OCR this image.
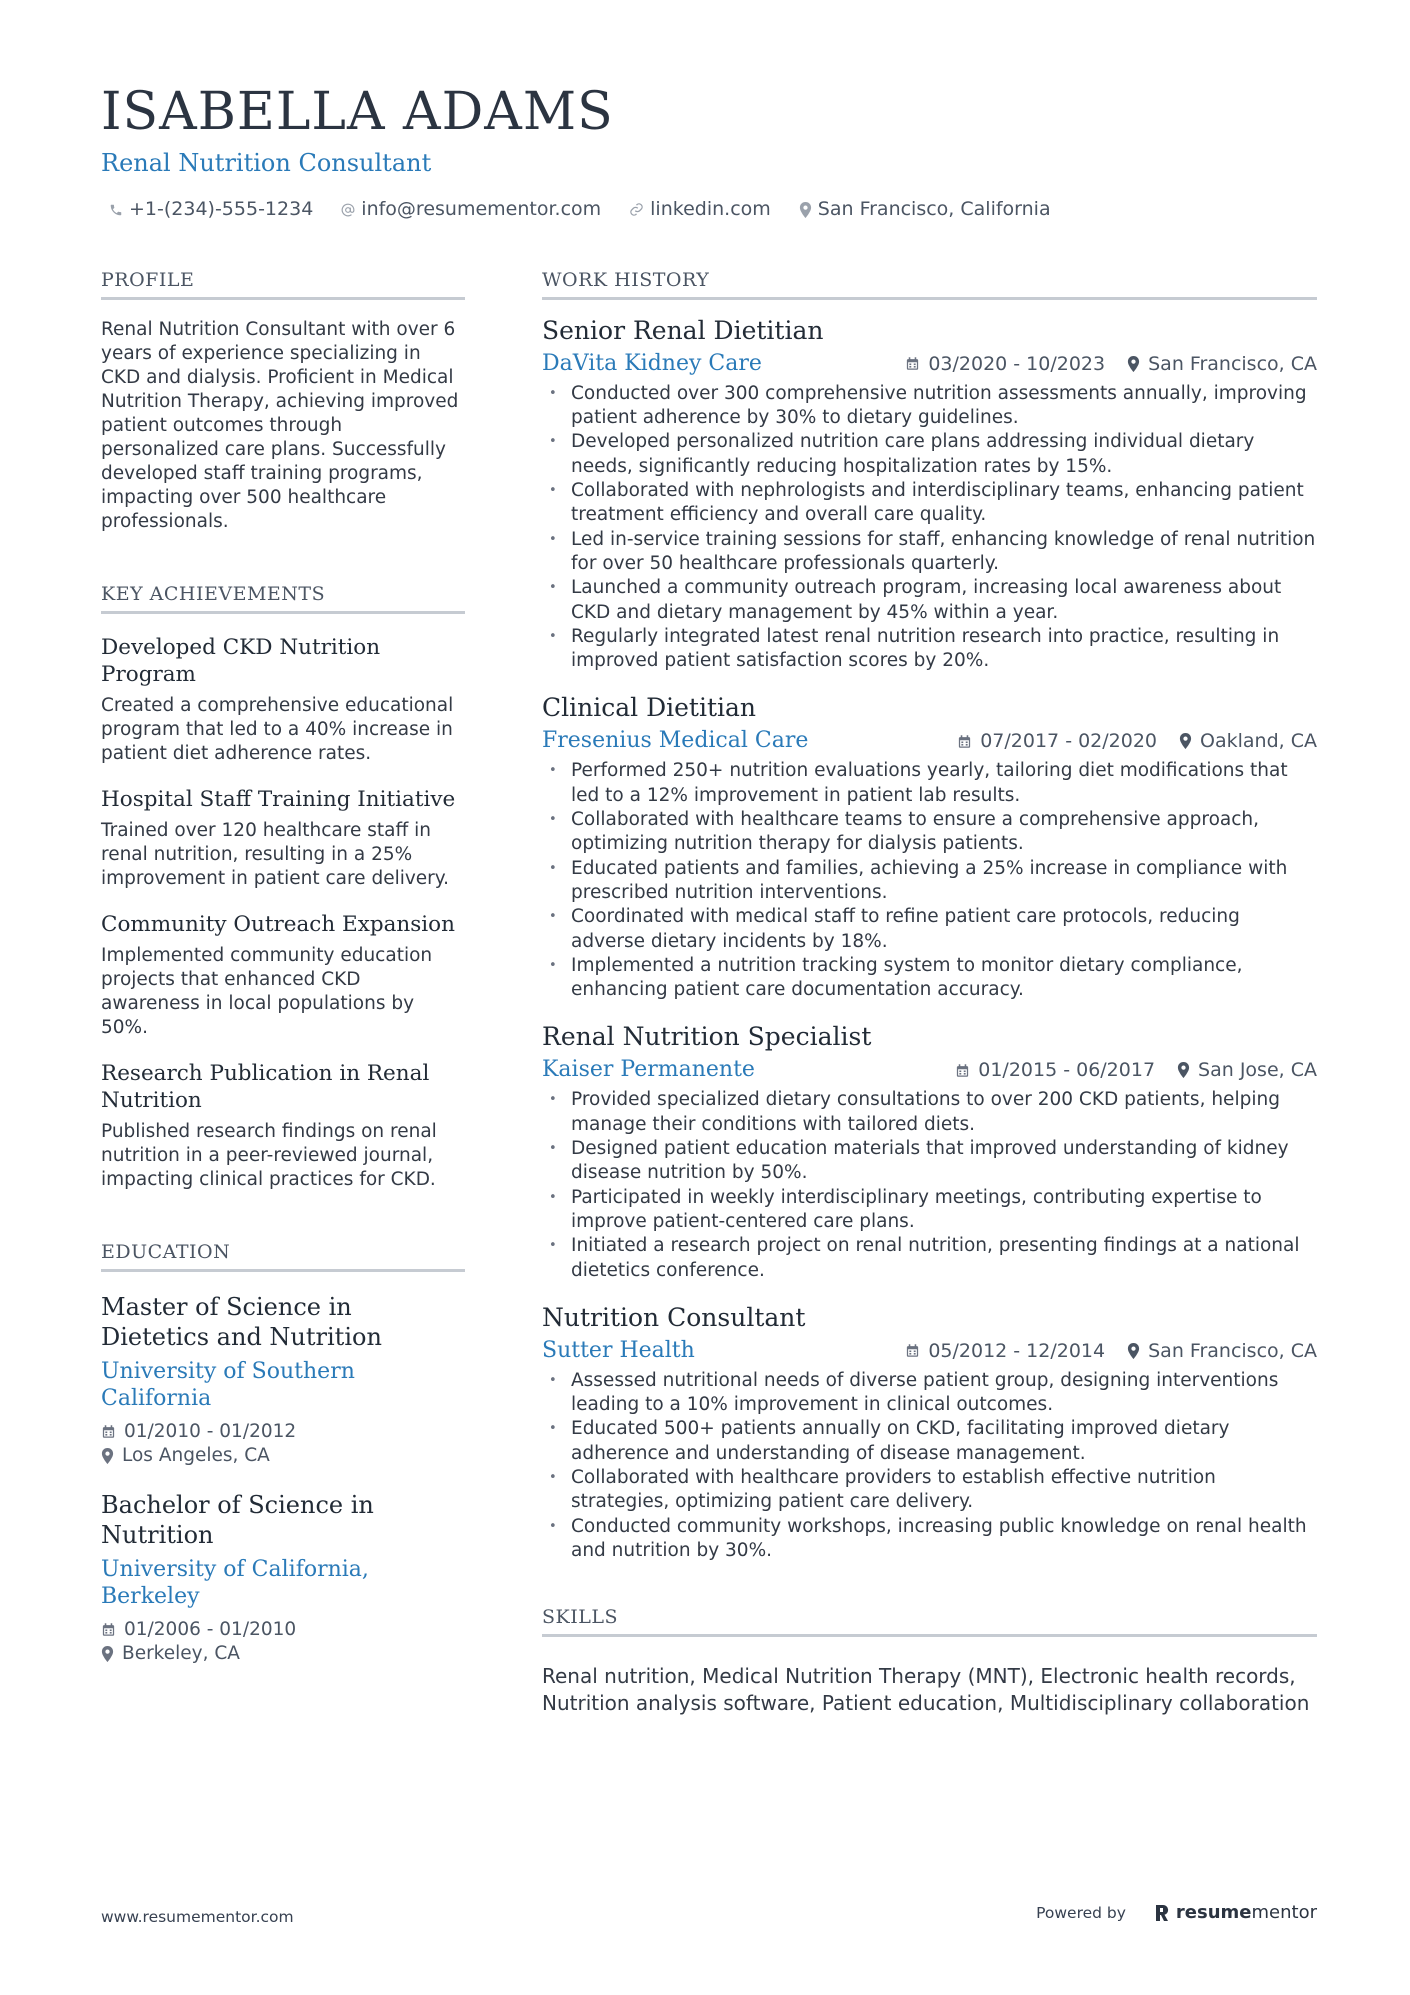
ISABELLA ADAMS
Renal Nutrition Consultant
+1-(234)-555-1234	info@resumementor.com	linkedin.com San Francisco, California
PROFILE
Renal Nutrition Consultant with over 6 years of experience specializing in CKD and dialysis. Proficient in Medical Nutrition Therapy, achieving improved patient outcomes through personalized care plans. Successfully developed staff training programs, impacting over 500 healthcare professionals.
KEY ACHIEVEMENTS
Developed CKD Nutrition Program
Created a comprehensive educational program that led to a 40% increase in patient diet adherence rates.
Hospital Staff Training Initiative
Trained over 120 healthcare staff in renal nutrition, resulting in a 25% improvement in patient care delivery.
Community Outreach Expansion
Implemented community education projects that enhanced CKD awareness in local populations by 50%.
Research Publication in Renal Nutrition
Published research findings on renal nutrition in a peer-reviewed journal, impacting clinical practices for CKD.
EDUCATION
Master of Science in Dietetics and Nutrition
University of Southern California
01/2010 - 01/2012
Los Angeles, CA
Bachelor of Science in Nutrition
University of California, Berkeley
01/2006 - 01/2010
Berkeley, CA
WORK HISTORY
Senior Renal Dietitian
DaVita Kidney Care	03/2020 - 10/2023 San Francisco, CA
• Conducted over 300 comprehensive nutrition assessments annually, improving patient adherence by 30% to dietary guidelines.
• Developed personalized nutrition care plans addressing individual dietary needs, significantly reducing hospitalization rates by 15%.
• Collaborated with nephrologists and interdisciplinary teams, enhancing patient treatment efficiency and overall care quality.
• Led in-service training sessions for staff, enhancing knowledge of renal nutrition for over 50 healthcare professionals quarterly.
• Launched a community outreach program, increasing local awareness about CKD and dietary management by 45% within a year.
• Regularly integrated latest renal nutrition research into practice, resulting in improved patient satisfaction scores by 20%.
Clinical Dietitian
Fresenius Medical Care	07/2017 - 02/2020 Oakland, CA
• Performed 250+ nutrition evaluations yearly, tailoring diet modifications that led to a 12% improvement in patient lab results.
• Collaborated with healthcare teams to ensure a comprehensive approach, optimizing nutrition therapy for dialysis patients.
• Educated patients and families, achieving a 25% increase in compliance with prescribed nutrition interventions.
• Coordinated with medical staff to refine patient care protocols, reducing adverse dietary incidents by 18%.
• Implemented a nutrition tracking system to monitor dietary compliance, enhancing patient care documentation accuracy.
Renal Nutrition Specialist
Kaiser Permanente	01/2015 - 06/2017 San Jose, CA
• Provided specialized dietary consultations to over 200 CKD patients, helping manage their conditions with tailored diets.
• Designed patient education materials that improved understanding of kidney disease nutrition by 50%.
• Participated in weekly interdisciplinary meetings, contributing expertise to improve patient-centered care plans.
• Initiated a research project on renal nutrition, presenting findings at a national dietetics conference.
Nutrition Consultant
Sutter Health	05/2012 - 12/2014 San Francisco, CA
• Assessed nutritional needs of diverse patient group, designing interventions leading to a 10% improvement in clinical outcomes.
• Educated 500+ patients annually on CKD, facilitating improved dietary adherence and understanding of disease management.
• Collaborated with healthcare providers to establish effective nutrition strategies, optimizing patient care delivery.
• Conducted community workshops, increasing public knowledge on renal health and nutrition by 30%.
SKILLS
Renal nutrition, Medical Nutrition Therapy (MNT), Electronic health records, Nutrition analysis software, Patient education, Multidisciplinary collaboration
www.resumementor.com	Powered by	resumementor
